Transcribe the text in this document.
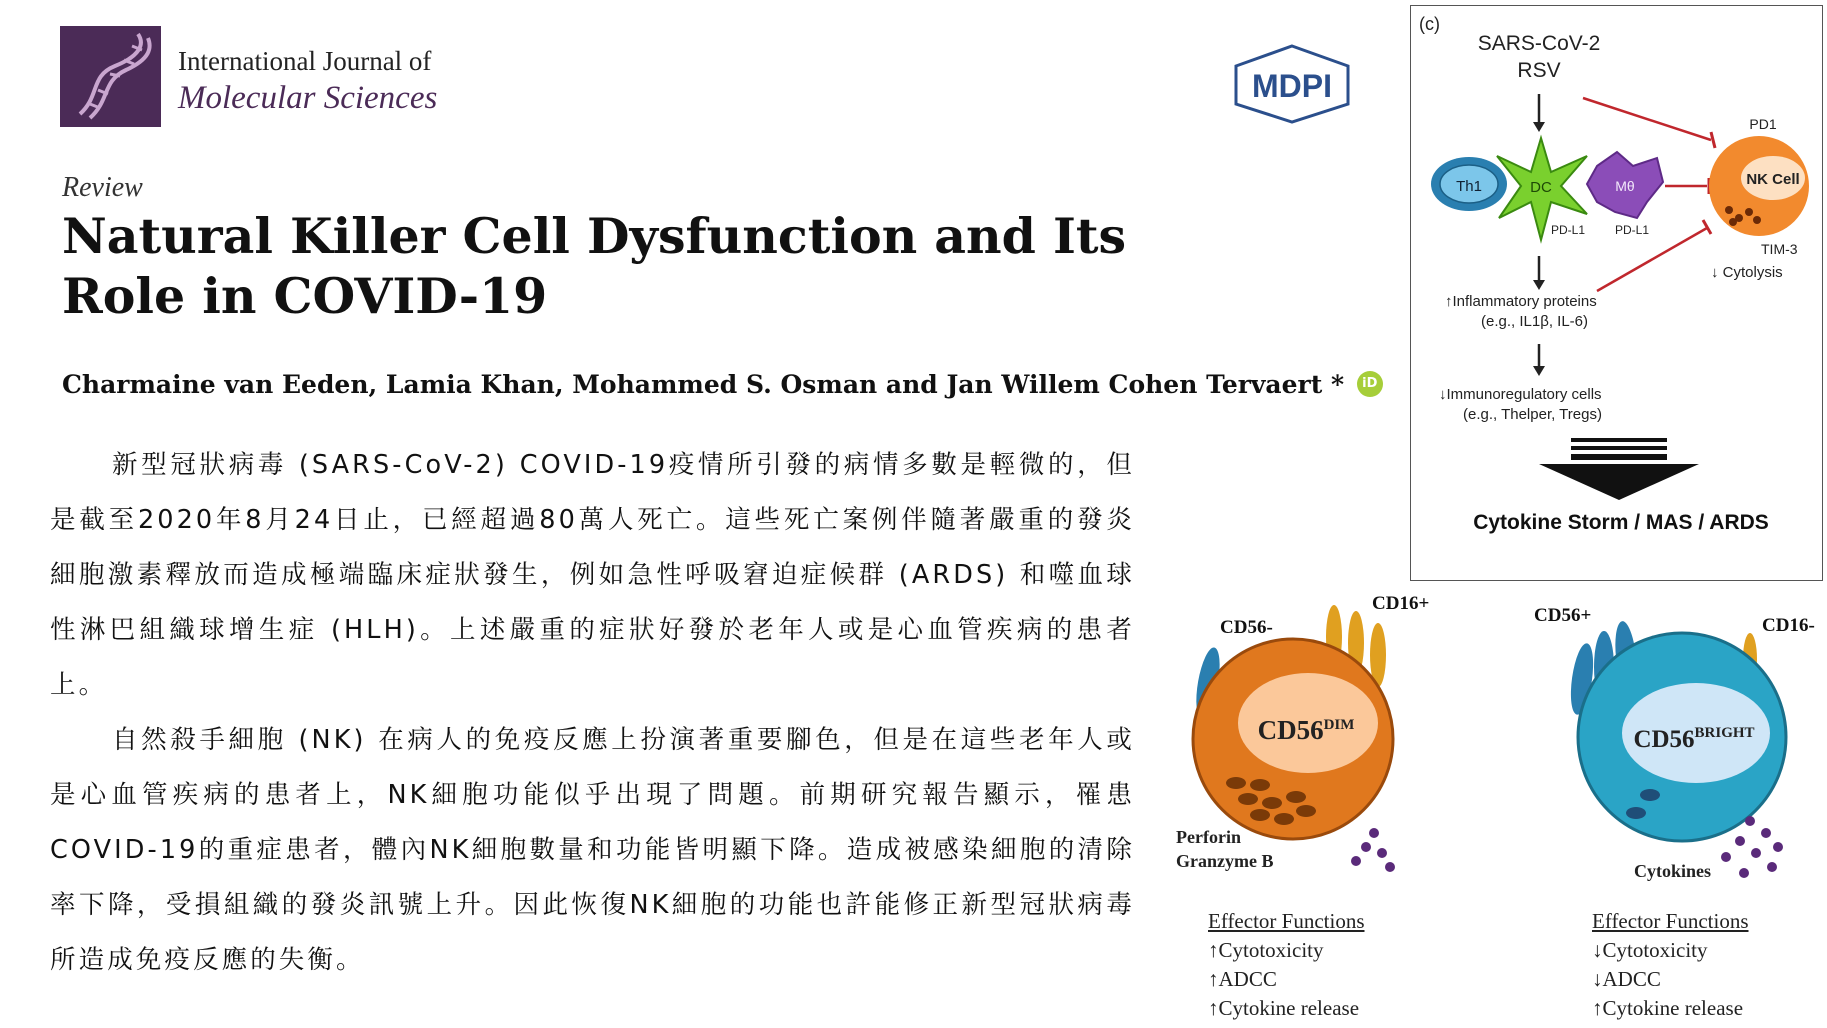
International Journal of
Molecular Sciences	MDPI
Review
Natural Killer Cell Dysfunction and Its Role in COVID-19
Charmaine van Eeden, Lamia Khan, Mohammed S. Osman and Jan Willem Cohen Tervaert * iD

新型冠狀病毒 (SARS-CoV-2) COVID-19疫情所引發的病情多數是輕微的，但是截至2020年8月24日止，已經超過80萬人死亡。這些死亡案例伴隨著嚴重的發炎細胞激素釋放而造成極端臨床症狀發生，例如急性呼吸窘迫症候群 (ARDS) 和噬血球性淋巴組織球增生症 (HLH)。上述嚴重的症狀好發於老年人或是心血管疾病的患者上。

自然殺手細胞 (NK) 在病人的免疫反應上扮演著重要腳色，但是在這些老年人或是心血管疾病的患者上，NK細胞功能似乎出現了問題。前期研究報告顯示，罹患COVID-19的重症患者，體內NK細胞數量和功能皆明顯下降。造成被感染細胞的清除率下降，受損組織的發炎訊號上升。因此恢復NK細胞的功能也許能修正新型冠狀病毒所造成免疫反應的失衡。

(c)
SARS-CoV-2
RSV
Th1	DC
PD-L1
Mθ
PD-L1
PD1
NK Cell
TIM-3
↓ Cytolysis
↑Inflammatory proteins
(e.g., IL1β, IL-6)
↓Immunoregulatory cells
(e.g., Thelper, Tregs)
Cytokine Storm / MAS / ARDS
CD56-
CD16+
$CD56^{DIM}$
Perforin
Granzyme B
CD56+	CD16-
$CD56^{BRIGHT}$
Cytokines
Effector Functions
↑Cytotoxicity
↑ADCC
↑Cytokine release
Effector Functions
↓Cytotoxicity
↓ADCC
↑Cytokine release
